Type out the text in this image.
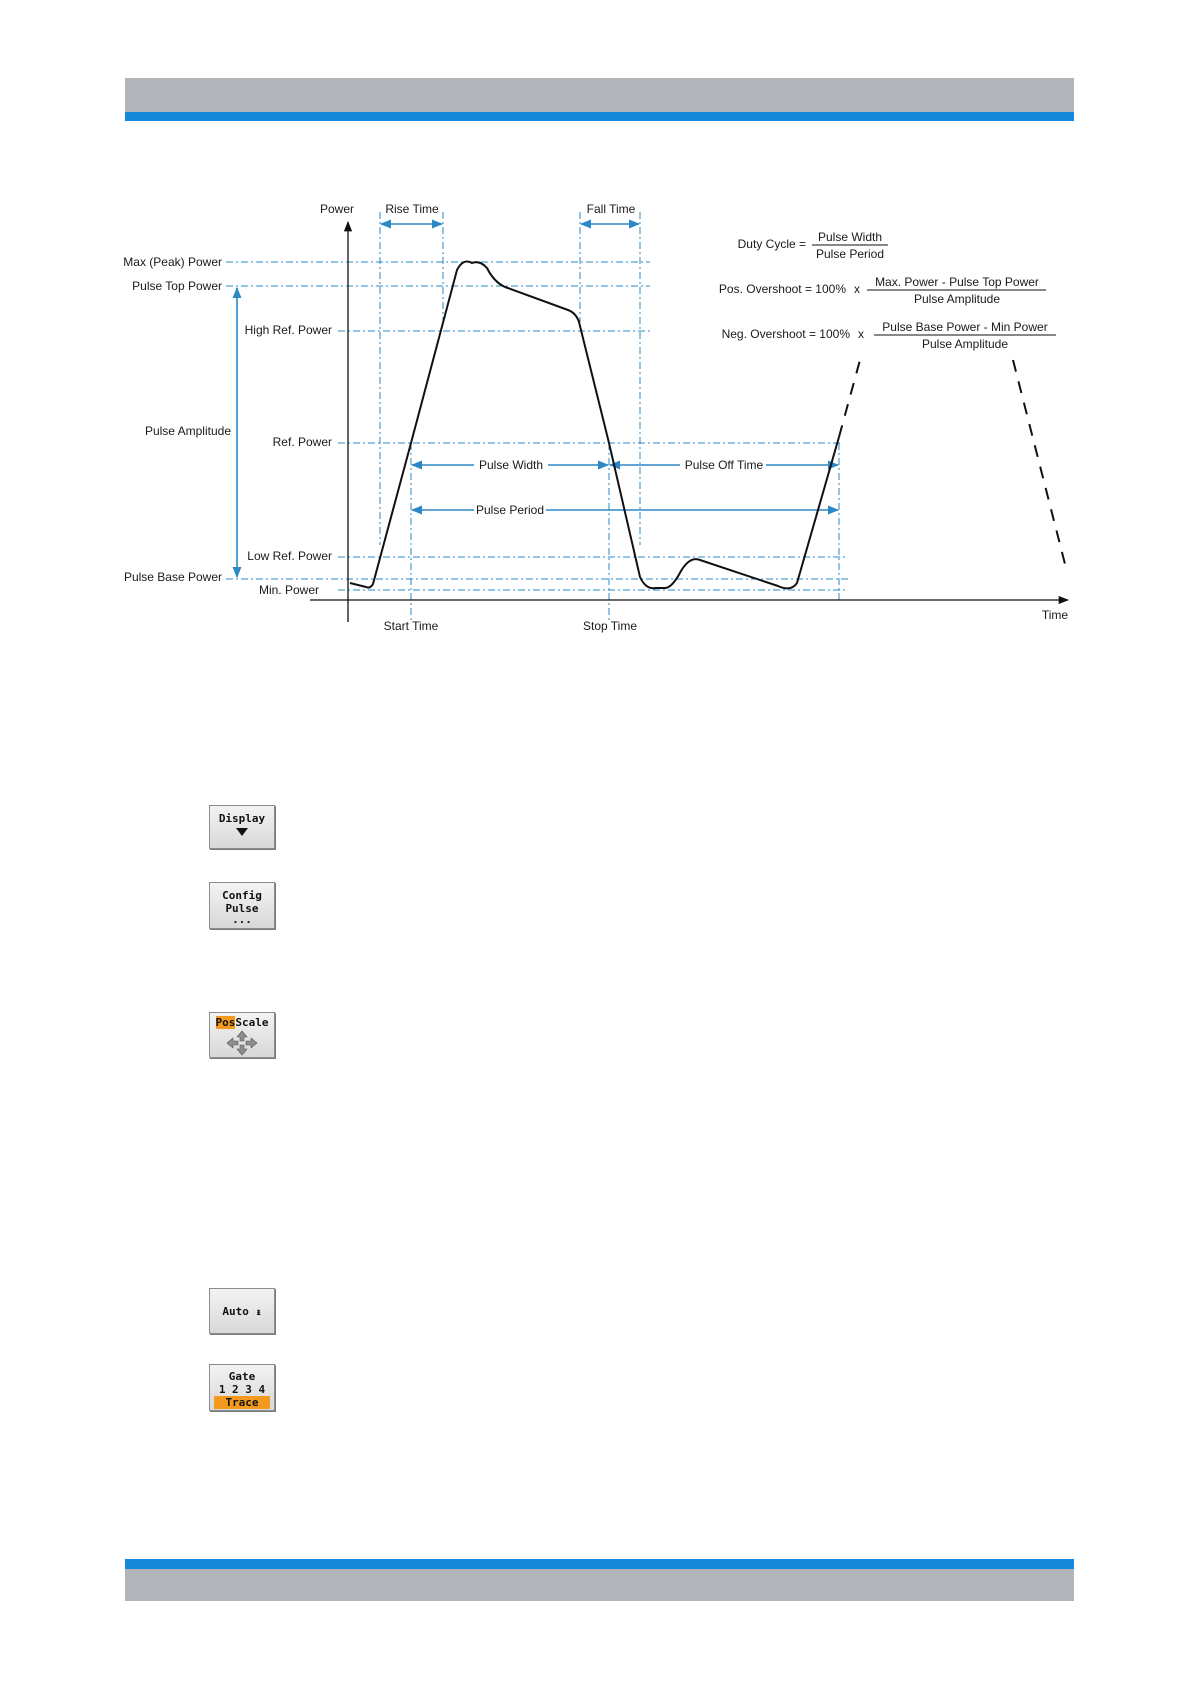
Max (Peak) Power
Pulse Top Power
Pulse Amplitude
Pulse Base Power
High Ref. Power
Ref. Power
Low Ref. Power
Min. Power
Power	Rise Time	Fall Time
Pulse Width	Pulse Off Time
Pulse Period
Start Time	Stop Time
Time
Duty Cycle = Pulse Width
Pulse Period
Pos. Overshoot = 100% x Max. Power - Pulse Top Power
Pulse Amplitude
Neg. Overshoot = 100% x Pulse Base Power - Min Power
Pulse Amplitude
Display
Config
Pulse
...
PosScale
Auto ↨
Gate
1 2 3 4
Trace
